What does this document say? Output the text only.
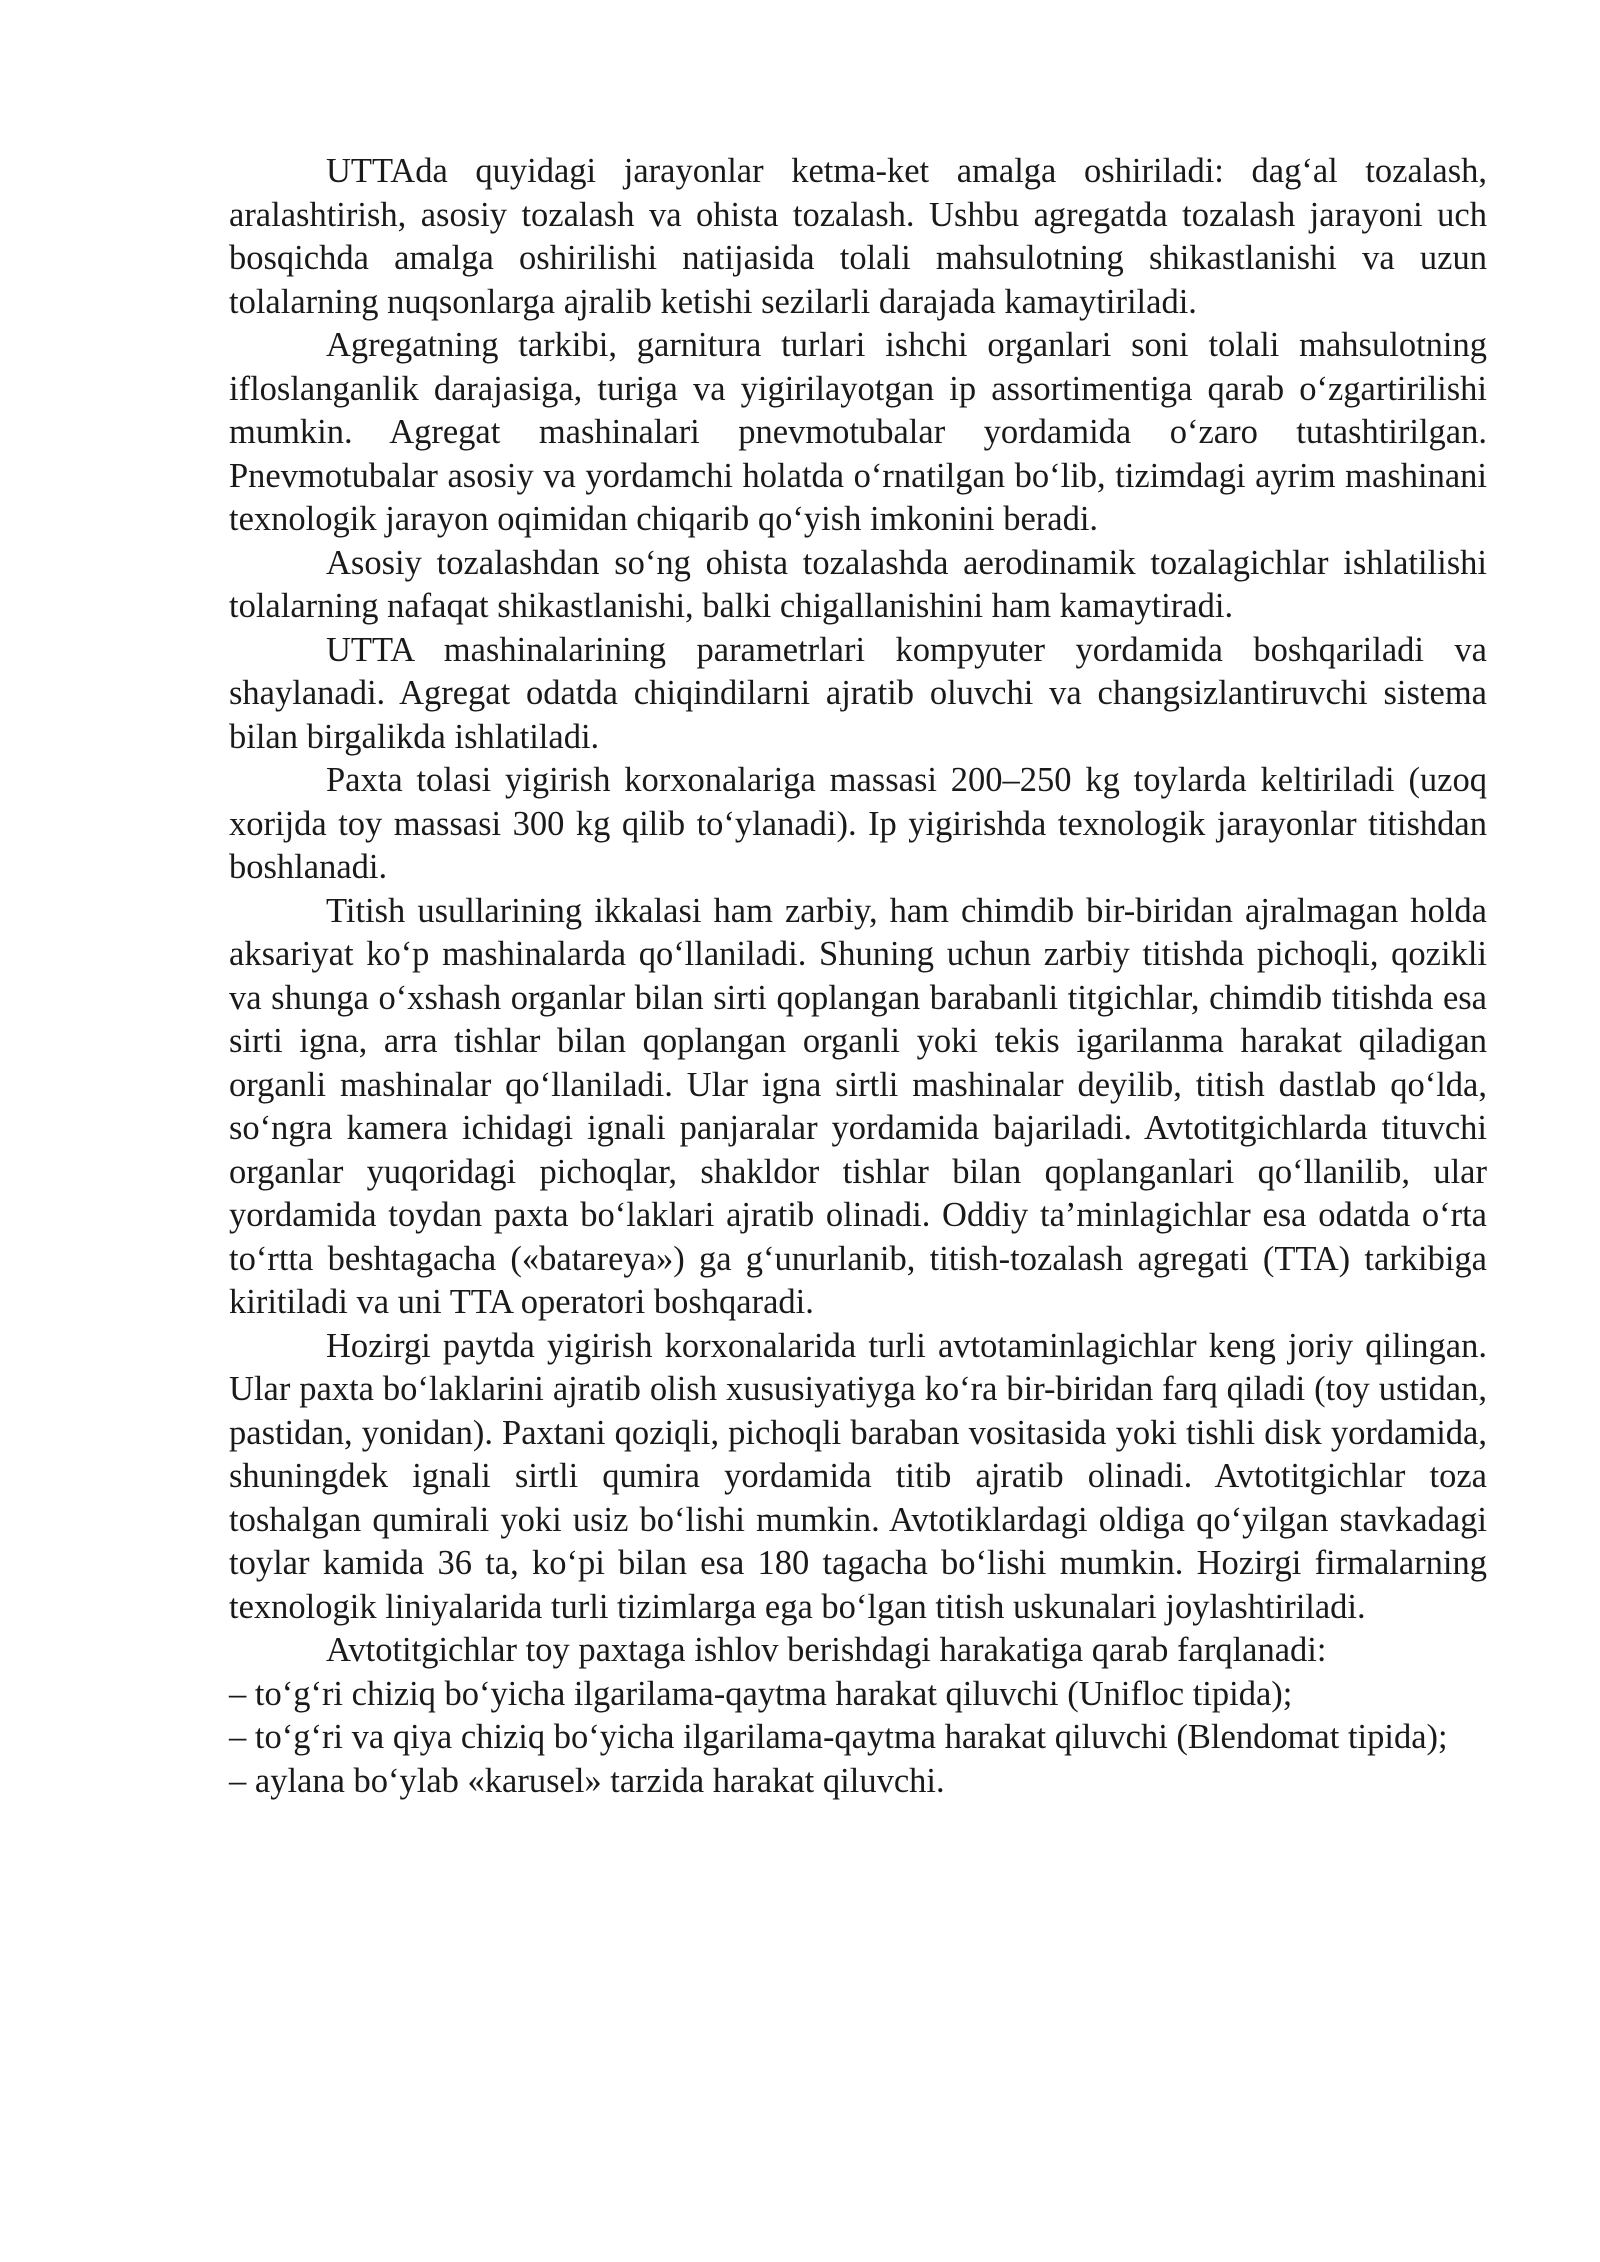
UTTAda quyidagi jarayonlar ketma-ket amalga oshiriladi: dag‘al tozalash, aralashtirish, asosiy tozalash va ohista tozalash. Ushbu agregatda tozalash jarayoni uch bosqichda amalga oshirilishi natijasida tolali mahsulotning shikastlanishi va uzun tolalarning nuqsonlarga ajralib ketishi sezilarli darajada kamaytiriladi.

Agregatning tarkibi, garnitura turlari ishchi organlari soni tolali mahsulotning ifloslanganlik darajasiga, turiga va yigirilayotgan ip assortimentiga qarab o‘zgartirilishi mumkin. Agregat mashinalari pnevmotubalar yordamida o‘zaro tutashtirilgan. Pnevmotubalar asosiy va yordamchi holatda o‘rnatilgan bo‘lib, tizimdagi ayrim mashinani texnologik jarayon oqimidan chiqarib qo‘yish imkonini beradi.

Asosiy tozalashdan so‘ng ohista tozalashda aerodinamik tozalagichlar ishlatilishi tolalarning nafaqat shikastlanishi, balki chigallanishini ham kamaytiradi.

UTTA mashinalarining parametrlari kompyuter yordamida boshqariladi va shaylanadi. Agregat odatda chiqindilarni ajratib oluvchi va changsizlantiruvchi sistema bilan birgalikda ishlatiladi.

Paxta tolasi yigirish korxonalariga massasi 200–250 kg toylarda keltiriladi (uzoq xorijda toy massasi 300 kg qilib to‘ylanadi). Ip yigirishda texnologik jarayonlar titishdan boshlanadi.

Titish usullarining ikkalasi ham zarbiy, ham chimdib bir-biridan ajralmagan holda aksariyat ko‘p mashinalarda qo‘llaniladi. Shuning uchun zarbiy titishda pichoqli, qozikli va shunga o‘xshash organlar bilan sirti qoplangan barabanli titgichlar, chimdib titishda esa sirti igna, arra tishlar bilan qoplangan organli yoki tekis igarilanma harakat qiladigan organli mashinalar qo‘llaniladi. Ular igna sirtli mashinalar deyilib, titish dastlab qo‘lda, so‘ngra kamera ichidagi ignali panjaralar yordamida bajariladi. Avtotitgichlarda tituvchi organlar yuqoridagi pichoqlar, shakldor tishlar bilan qoplanganlari qo‘llanilib, ular yordamida toydan paxta bo‘laklari ajratib olinadi. Oddiy ta’minlagichlar esa odatda o‘rta to‘rtta beshtagacha («batareya») ga g‘unurlanib, titish-tozalash agregati (TTA) tarkibiga kiritiladi va uni TTA operatori boshqaradi.

Hozirgi paytda yigirish korxonalarida turli avtotaminlagichlar keng joriy qilingan. Ular paxta bo‘laklarini ajratib olish xususiyatiyga ko‘ra bir-biridan farq qiladi (toy ustidan, pastidan, yonidan). Paxtani qoziqli, pichoqli baraban vositasida yoki tishli disk yordamida, shuningdek ignali sirtli qumira yordamida titib ajratib olinadi. Avtotitgichlar toza toshalgan qumirali yoki usiz bo‘lishi mumkin. Avtotiklardagi oldiga qo‘yilgan stavkadagi toylar kamida 36 ta, ko‘pi bilan esa 180 tagacha bo‘lishi mumkin. Hozirgi firmalarning texnologik liniyalarida turli tizimlarga ega bo‘lgan titish uskunalari joylashtiriladi.

Avtotitgichlar toy paxtaga ishlov berishdagi harakatiga qarab farqlanadi:

– to‘g‘ri chiziq bo‘yicha ilgarilama-qaytma harakat qiluvchi (Unifloc tipida);

– to‘g‘ri va qiya chiziq bo‘yicha ilgarilama-qaytma harakat qiluvchi (Blendomat tipida);

– aylana bo‘ylab «karusel» tarzida harakat qiluvchi.
